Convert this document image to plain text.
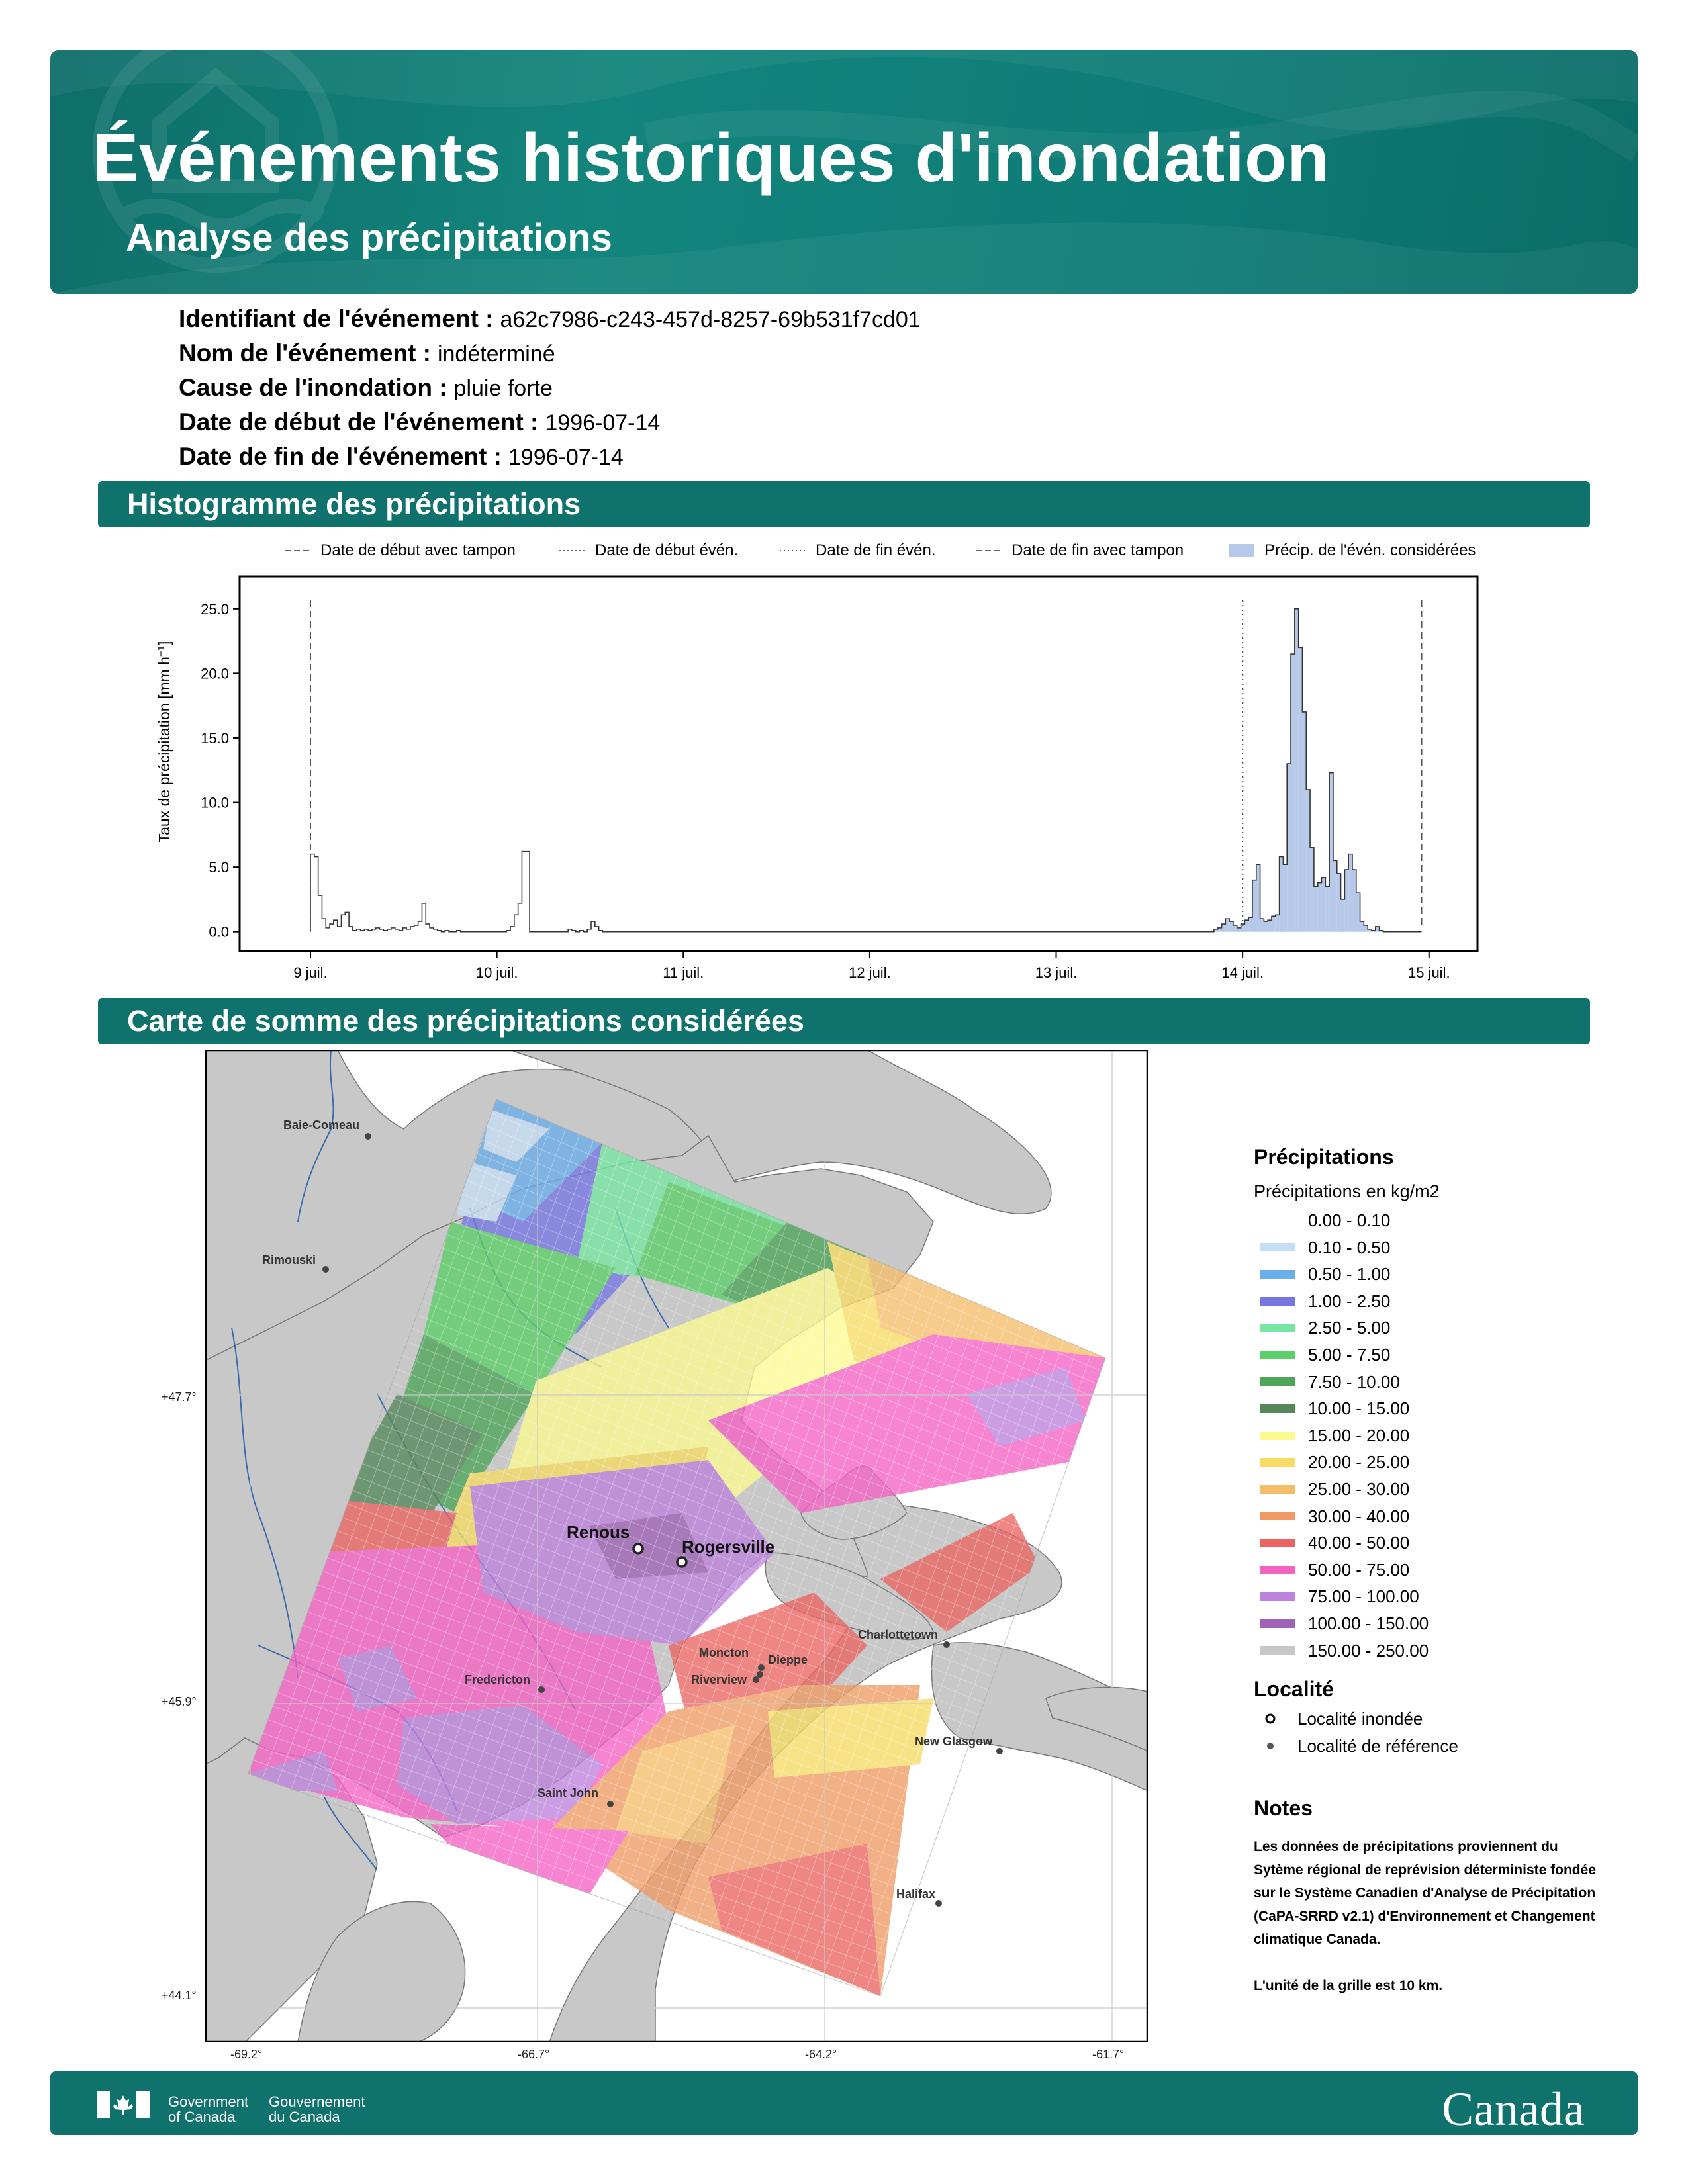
Événements historiques d'inondation
Analyse des précipitations
Identifiant de l'événement : a62c7986-c243-457d-8257-69b531f7cd01
Nom de l'événement : indéterminé
Cause de l'inondation : pluie forte
Date de début de l'événement : 1996-07-14
Date de fin de l'événement : 1996-07-14
Histogramme des précipitations
Date de début avec tampon	Date de début évén.	Date de fin évén.	Date de fin avec tampon	Précip. de l'évén. considérées
Taux de précipitation [mm $h^{-1}$]
0.0
5.0
10.0
15.0
20.0
25.0
9 juil.	10 juil.	11 juil.	12 juil.	13 juil.	14 juil.	15 juil.
Carte de somme des précipitations considérées
Baie-Comeau
Rimouski
Renous
Rogersville
Fredericton
Moncton
Dieppe
Riverview
Charlottetown
New Glasgow
Saint John
Halifax
+47.7°
+45.9°
+44.1°
-69.2°	-66.7°	-64.2°	-61.7°
Précipitations
Précipitations en kg/m2
0.00 - 0.10
0.10 - 0.50
0.50 - 1.00
1.00 - 2.50
2.50 - 5.00
5.00 - 7.50
7.50 - 10.00
10.00 - 15.00
15.00 - 20.00
20.00 - 25.00
25.00 - 30.00
30.00 - 40.00
40.00 - 50.00
50.00 - 75.00
75.00 - 100.00
100.00 - 150.00
150.00 - 250.00
Localité
Localité inondée
Localité de référence
Notes
Les données de précipitations proviennent du Sytème régional de reprévision déterministe fondée sur le Système Canadien d'Analyse de Précipitation (CaPA-SRRD v2.1) d'Environnement et Changement climatique Canada.
L'unité de la grille est 10 km.
Government
of Canada
Gouvernement
du Canada	Canada
